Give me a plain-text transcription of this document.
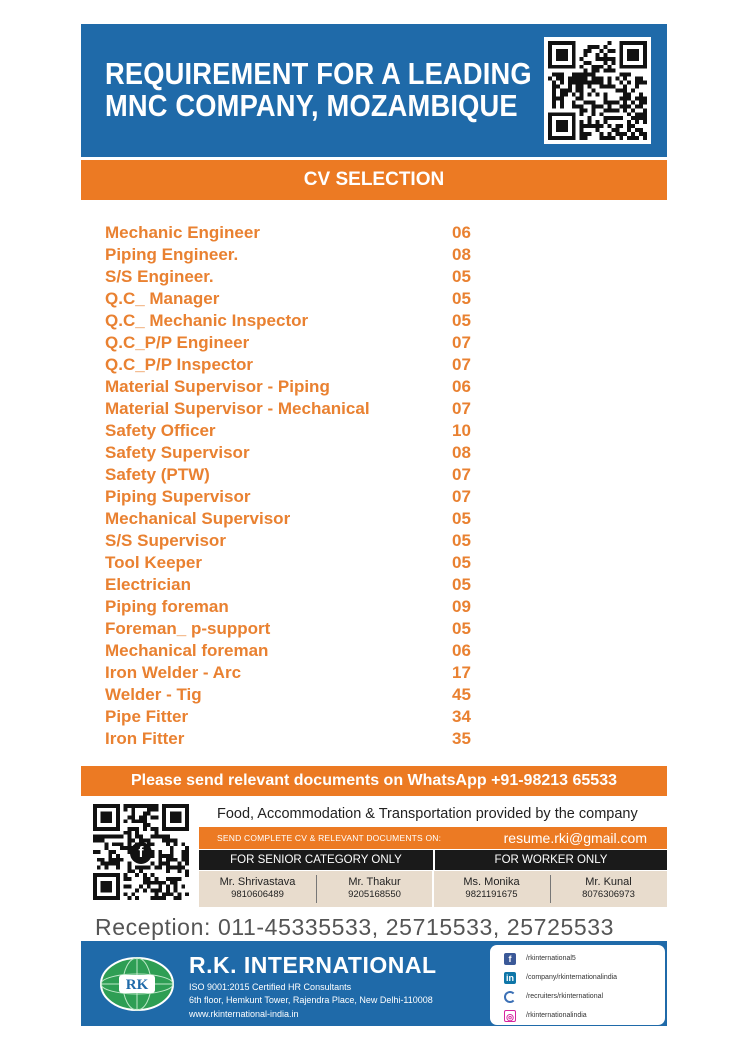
REQUIREMENT FOR A LEADING
MNC COMPANY, MOZAMBIQUE
CV SELECTION
Mechanic Engineer	06
Piping Engineer.	08
S/S Engineer.	05
Q.C_ Manager	05
Q.C_ Mechanic Inspector	05
Q.C_P/P Engineer	07
Q.C_P/P Inspector	07
Material Supervisor - Piping	06
Material Supervisor - Mechanical	07
Safety Officer	10
Safety Supervisor	08
Safety (PTW)	07
Piping Supervisor	07
Mechanical Supervisor	05
S/S Supervisor	05
Tool Keeper	05
Electrician	05
Piping foreman	09
Foreman_ p-support	05
Mechanical foreman	06
Iron Welder - Arc	17
Welder - Tig	45
Pipe Fitter	34
Iron Fitter	35
Please send relevant documents on WhatsApp +91-98213 65533
f
Food, Accommodation & Transportation provided by the company
SEND COMPLETE CV & RELEVANT DOCUMENTS ON:	resume.rki@gmail.com
FOR SENIOR CATEGORY ONLY	FOR WORKER ONLY
Mr. Shrivastava
9810606489
Mr. Thakur
9205168550
Ms. Monika
9821191675
Mr. Kunal
8076306973
Reception: 011-45335533, 25715533, 25725533
RK
R.K. INTERNATIONAL
ISO 9001:2015 Certified HR Consultants
6th floor, Hemkunt Tower, Rajendra Place, New Delhi-110008
www.rkinternational-india.in
f	/rkinternational5
in /company/rkinternationalindia
/recruiters/rkinternational
◎ /rkinternationalindia
